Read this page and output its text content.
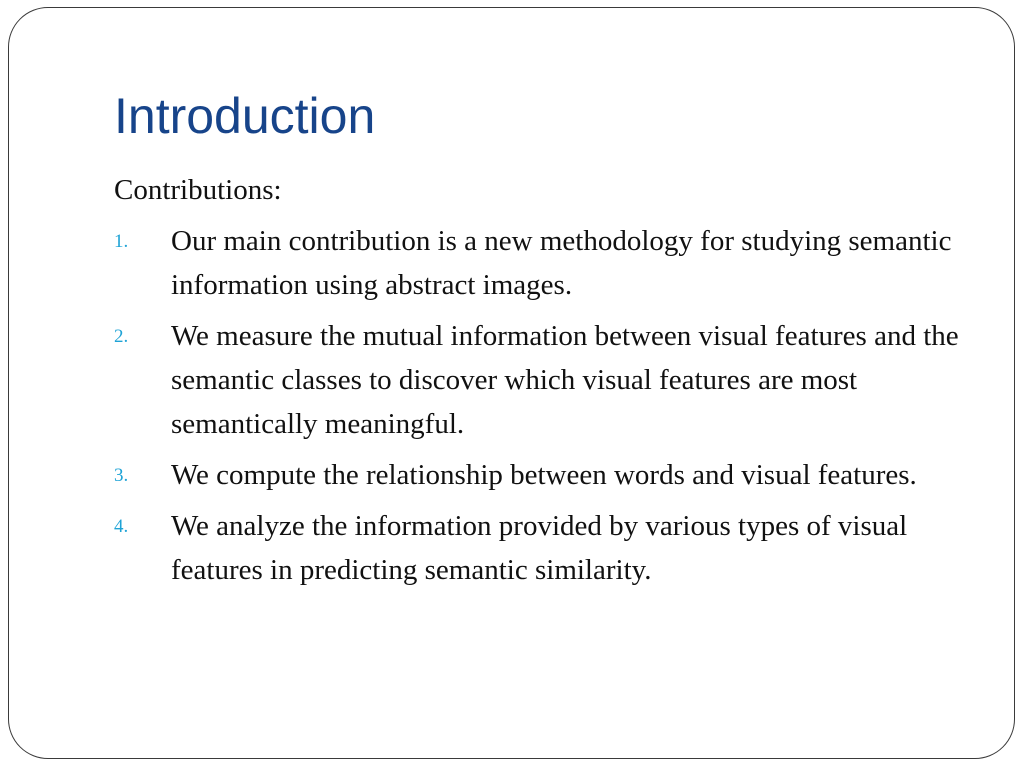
Introduction

Contributions:

1. Our main contribution is a new methodology for studying semantic information using abstract images.
2. We measure the mutual information between visual features and the semantic classes to discover which visual features are most semantically meaningful.
3. We compute the relationship between words and visual features.
4. We analyze the information provided by various types of visual features in predicting semantic similarity.
